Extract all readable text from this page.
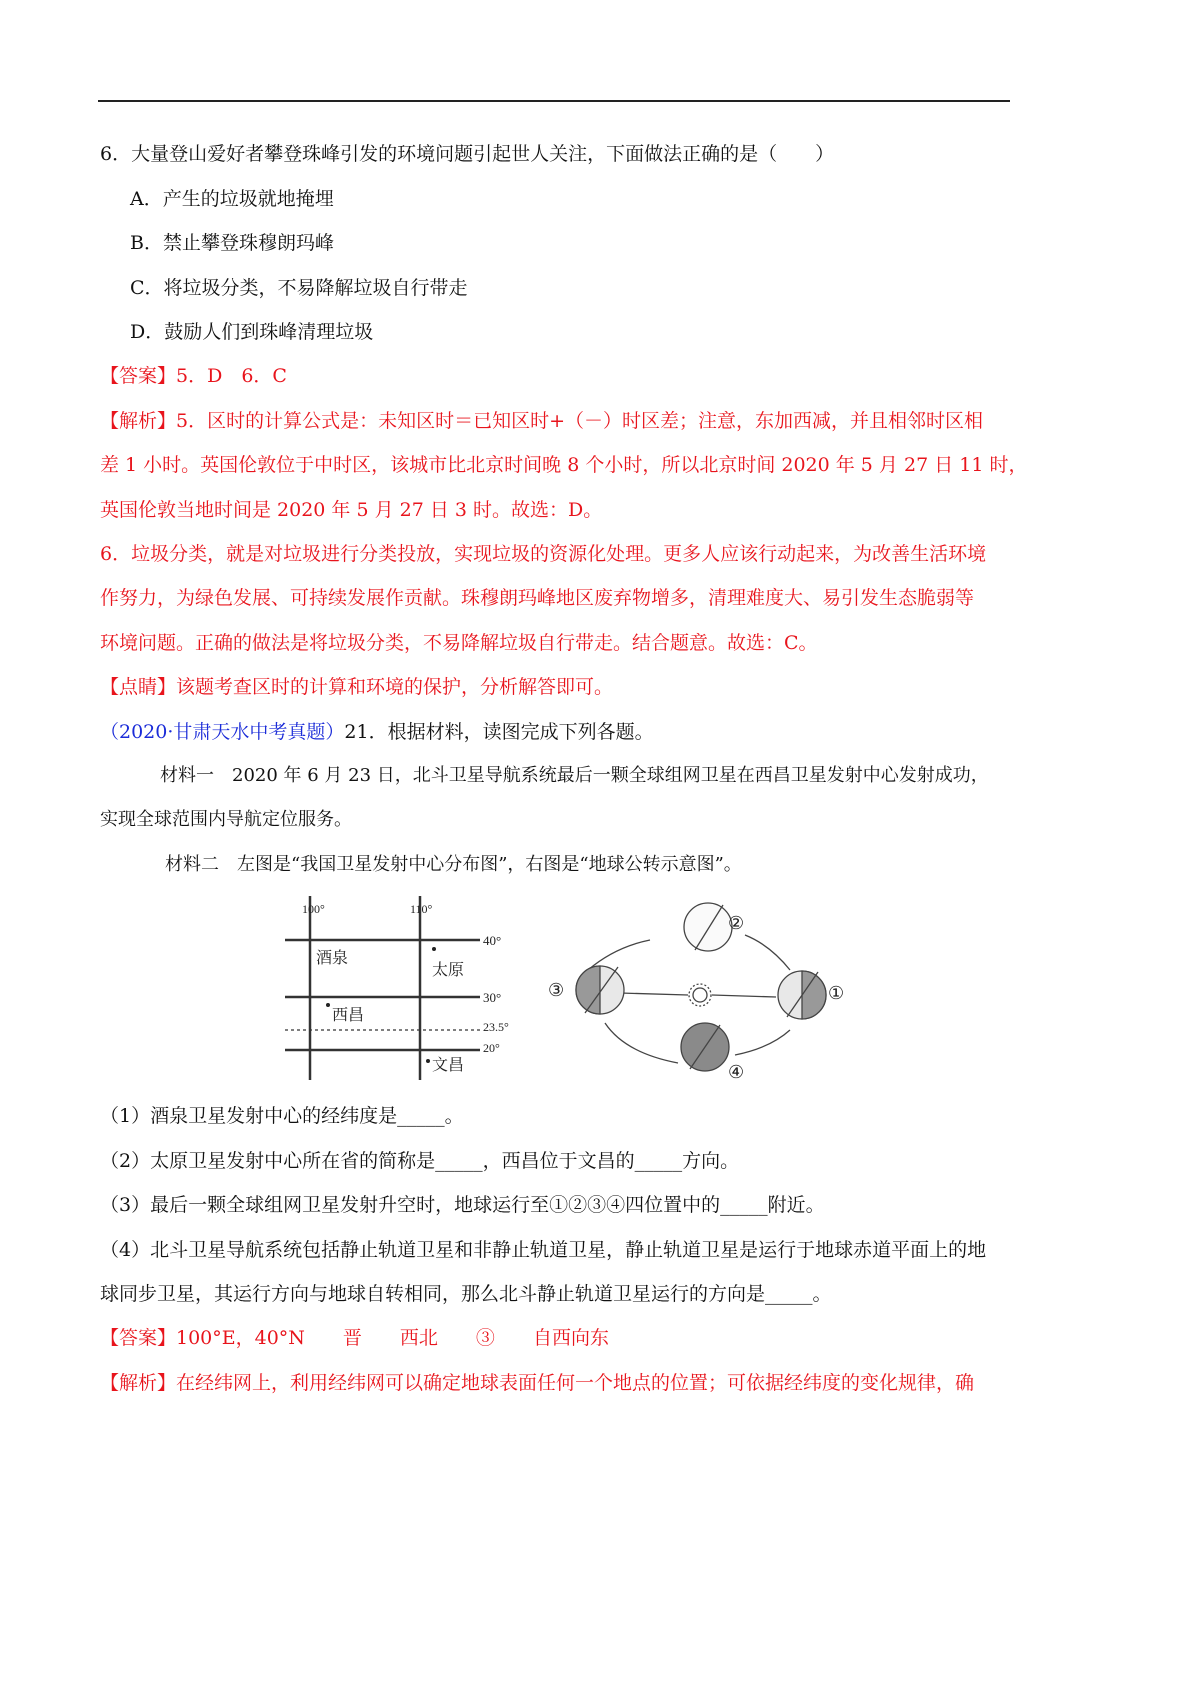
6．大量登山爱好者攀登珠峰引发的环境问题引起世人关注，下面做法正确的是（　　）
A．产生的垃圾就地掩埋
B．禁止攀登珠穆朗玛峰
C．将垃圾分类，不易降解垃圾自行带走
D．鼓励人们到珠峰清理垃圾
【答案】5．D　6．C
【解析】5．区时的计算公式是：未知区时＝已知区时+（－）时区差；注意，东加西减，并且相邻时区相
差 1 小时。英国伦敦位于中时区，该城市比北京时间晚 8 个小时，所以北京时间 2020 年 5 月 27 日 11 时，
英国伦敦当地时间是 2020 年 5 月 27 日 3 时。故选：D。
6．垃圾分类，就是对垃圾进行分类投放，实现垃圾的资源化处理。更多人应该行动起来，为改善生活环境
作努力，为绿色发展、可持续发展作贡献。珠穆朗玛峰地区废弃物增多，清理难度大、易引发生态脆弱等
环境问题。正确的做法是将垃圾分类，不易降解垃圾自行带走。结合题意。故选：C。
【点睛】该题考查区时的计算和环境的保护，分析解答即可。
（2020·甘肃天水中考真题）21．根据材料，读图完成下列各题。
材料一　2020 年 6 月 23 日，北斗卫星导航系统最后一颗全球组网卫星在西昌卫星发射中心发射成功，
实现全球范围内导航定位服务。
材料二　左图是“我国卫星发射中心分布图”，右图是“地球公转示意图”。
100°	110°
40°
30°
23.5°
20°
酒泉
太原
西昌
文昌
②
③	①
④
（1）酒泉卫星发射中心的经纬度是_____。
（2）太原卫星发射中心所在省的简称是_____，西昌位于文昌的_____方向。
（3）最后一颗全球组网卫星发射升空时，地球运行至①②③④四位置中的_____附近。
（4）北斗卫星导航系统包括静止轨道卫星和非静止轨道卫星，静止轨道卫星是运行于地球赤道平面上的地
球同步卫星，其运行方向与地球自转相同，那么北斗静止轨道卫星运行的方向是_____。
【答案】100°E，40°N　　晋　　西北　　③　　自西向东
【解析】在经纬网上，利用经纬网可以确定地球表面任何一个地点的位置；可依据经纬度的变化规律，确
